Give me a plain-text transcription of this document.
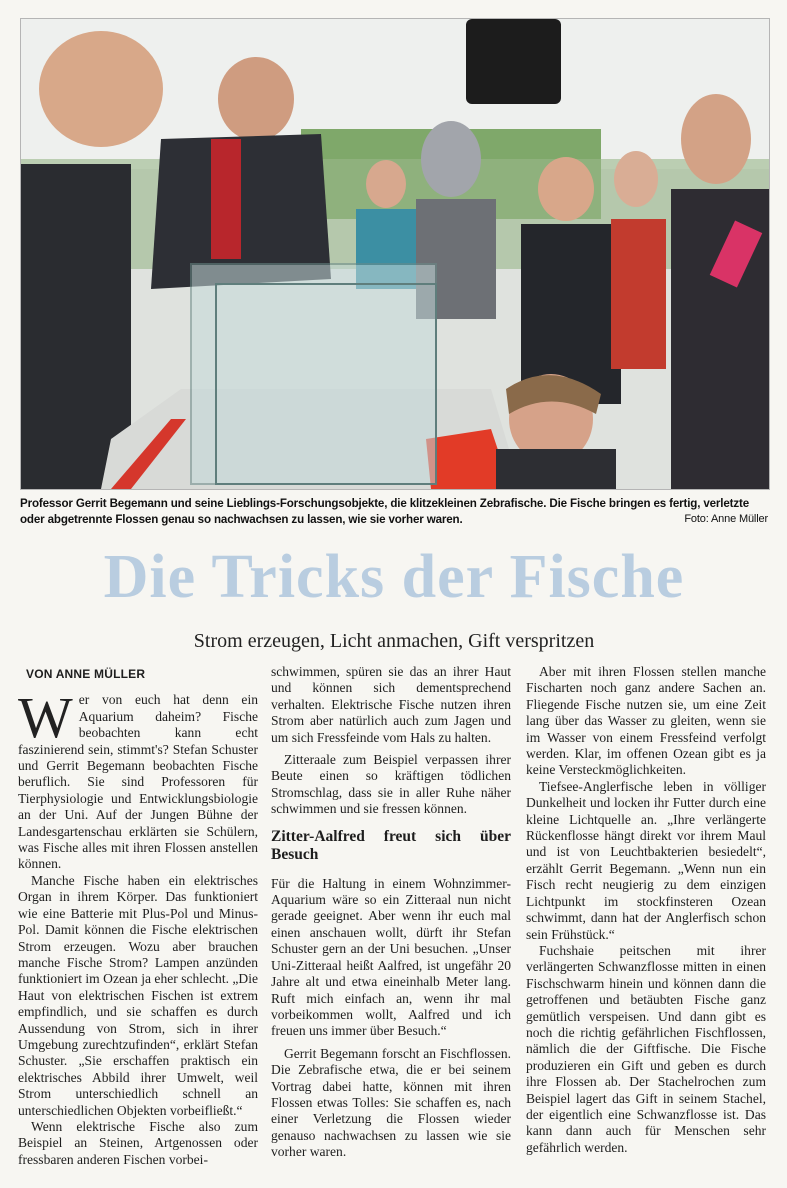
Professor Gerrit Begemann und seine Lieblings-Forschungsobjekte, die klitzekleinen Zebrafische. Die Fische bringen es fertig, verletzte oder abgetrennte Flossen genau so nachwachsen zu lassen, wie sie vorher waren.	Foto: Anne Müller
Die Tricks der Fische
Strom erzeugen, Licht anmachen, Gift verspritzen
VON ANNE MÜLLER

Wer von euch hat denn ein Aquarium daheim? Fische beobachten kann echt faszinierend sein, stimmt's? Stefan Schuster und Gerrit Begemann beobachten Fische beruflich. Sie sind Professoren für Tierphysiologie und Entwicklungsbiologie an der Uni. Auf der Jungen Bühne der Landesgartenschau erklärten sie Schülern, was Fische alles mit ihren Flossen anstellen können.

Manche Fische haben ein elektrisches Organ in ihrem Körper. Das funktioniert wie eine Batterie mit Plus-Pol und Minus-Pol. Damit können die Fische elektrischen Strom erzeugen. Wozu aber brauchen manche Fische Strom? Lampen anzünden funktioniert im Ozean ja eher schlecht. „Die Haut von elektrischen Fischen ist extrem empfindlich, und sie schaffen es durch Aussendung von Strom, sich in ihrer Umgebung zurechtzufinden“, erklärt Stefan Schuster. „Sie erschaffen praktisch ein elektrisches Abbild ihrer Umwelt, weil Strom unterschiedlich schnell an unterschiedlichen Objekten vorbeifließt.“

Wenn elektrische Fische also zum Beispiel an Steinen, Artgenossen oder fressbaren anderen Fischen vorbei-

schwimmen, spüren sie das an ihrer Haut und können sich dementsprechend verhalten. Elektrische Fische nutzen ihren Strom aber natürlich auch zum Jagen und um sich Fressfeinde vom Hals zu halten.

Zitteraale zum Beispiel verpassen ihrer Beute einen so kräftigen tödlichen Stromschlag, dass sie in aller Ruhe näher schwimmen und sie fressen können.

Zitter-Aalfred freut sich über Besuch

Für die Haltung in einem Wohnzimmer-Aquarium wäre so ein Zitteraal nun nicht gerade geeignet. Aber wenn ihr euch mal einen anschauen wollt, dürft ihr Stefan Schuster gern an der Uni besuchen. „Unser Uni-Zitteraal heißt Aalfred, ist ungefähr 20 Jahre alt und etwa eineinhalb Meter lang. Ruft mich einfach an, wenn ihr mal vorbeikommen wollt, Aalfred und ich freuen uns immer über Besuch.“

Gerrit Begemann forscht an Fischflossen. Die Zebrafische etwa, die er bei seinem Vortrag dabei hatte, können mit ihren Flossen etwas Tolles: Sie schaffen es, nach einer Verletzung die Flossen wieder genauso nachwachsen zu lassen wie sie vorher waren.

Aber mit ihren Flossen stellen manche Fischarten noch ganz andere Sachen an. Fliegende Fische nutzen sie, um eine Zeit lang über das Wasser zu gleiten, wenn sie im Wasser von einem Fressfeind verfolgt werden. Klar, im offenen Ozean gibt es ja keine Versteckmöglichkeiten.

Tiefsee-Anglerfische leben in völliger Dunkelheit und locken ihr Futter durch eine kleine Lichtquelle an. „Ihre verlängerte Rückenflosse hängt direkt vor ihrem Maul und ist von Leuchtbakterien besiedelt“, erzählt Gerrit Begemann. „Wenn nun ein Fisch recht neugierig zu dem einzigen Lichtpunkt im stockfinsteren Ozean schwimmt, dann hat der Anglerfisch schon sein Frühstück.“

Fuchshaie peitschen mit ihrer verlängerten Schwanzflosse mitten in einen Fischschwarm hinein und können dann die getroffenen und betäubten Fische ganz gemütlich verspeisen. Und dann gibt es noch die richtig gefährlichen Fischflossen, nämlich die der Giftfische. Die Fische produzieren ein Gift und geben es durch ihre Flossen ab. Der Stachelrochen zum Beispiel lagert das Gift in seinem Stachel, der eigentlich eine Schwanzflosse ist. Das kann dann auch für Menschen sehr gefährlich werden.
